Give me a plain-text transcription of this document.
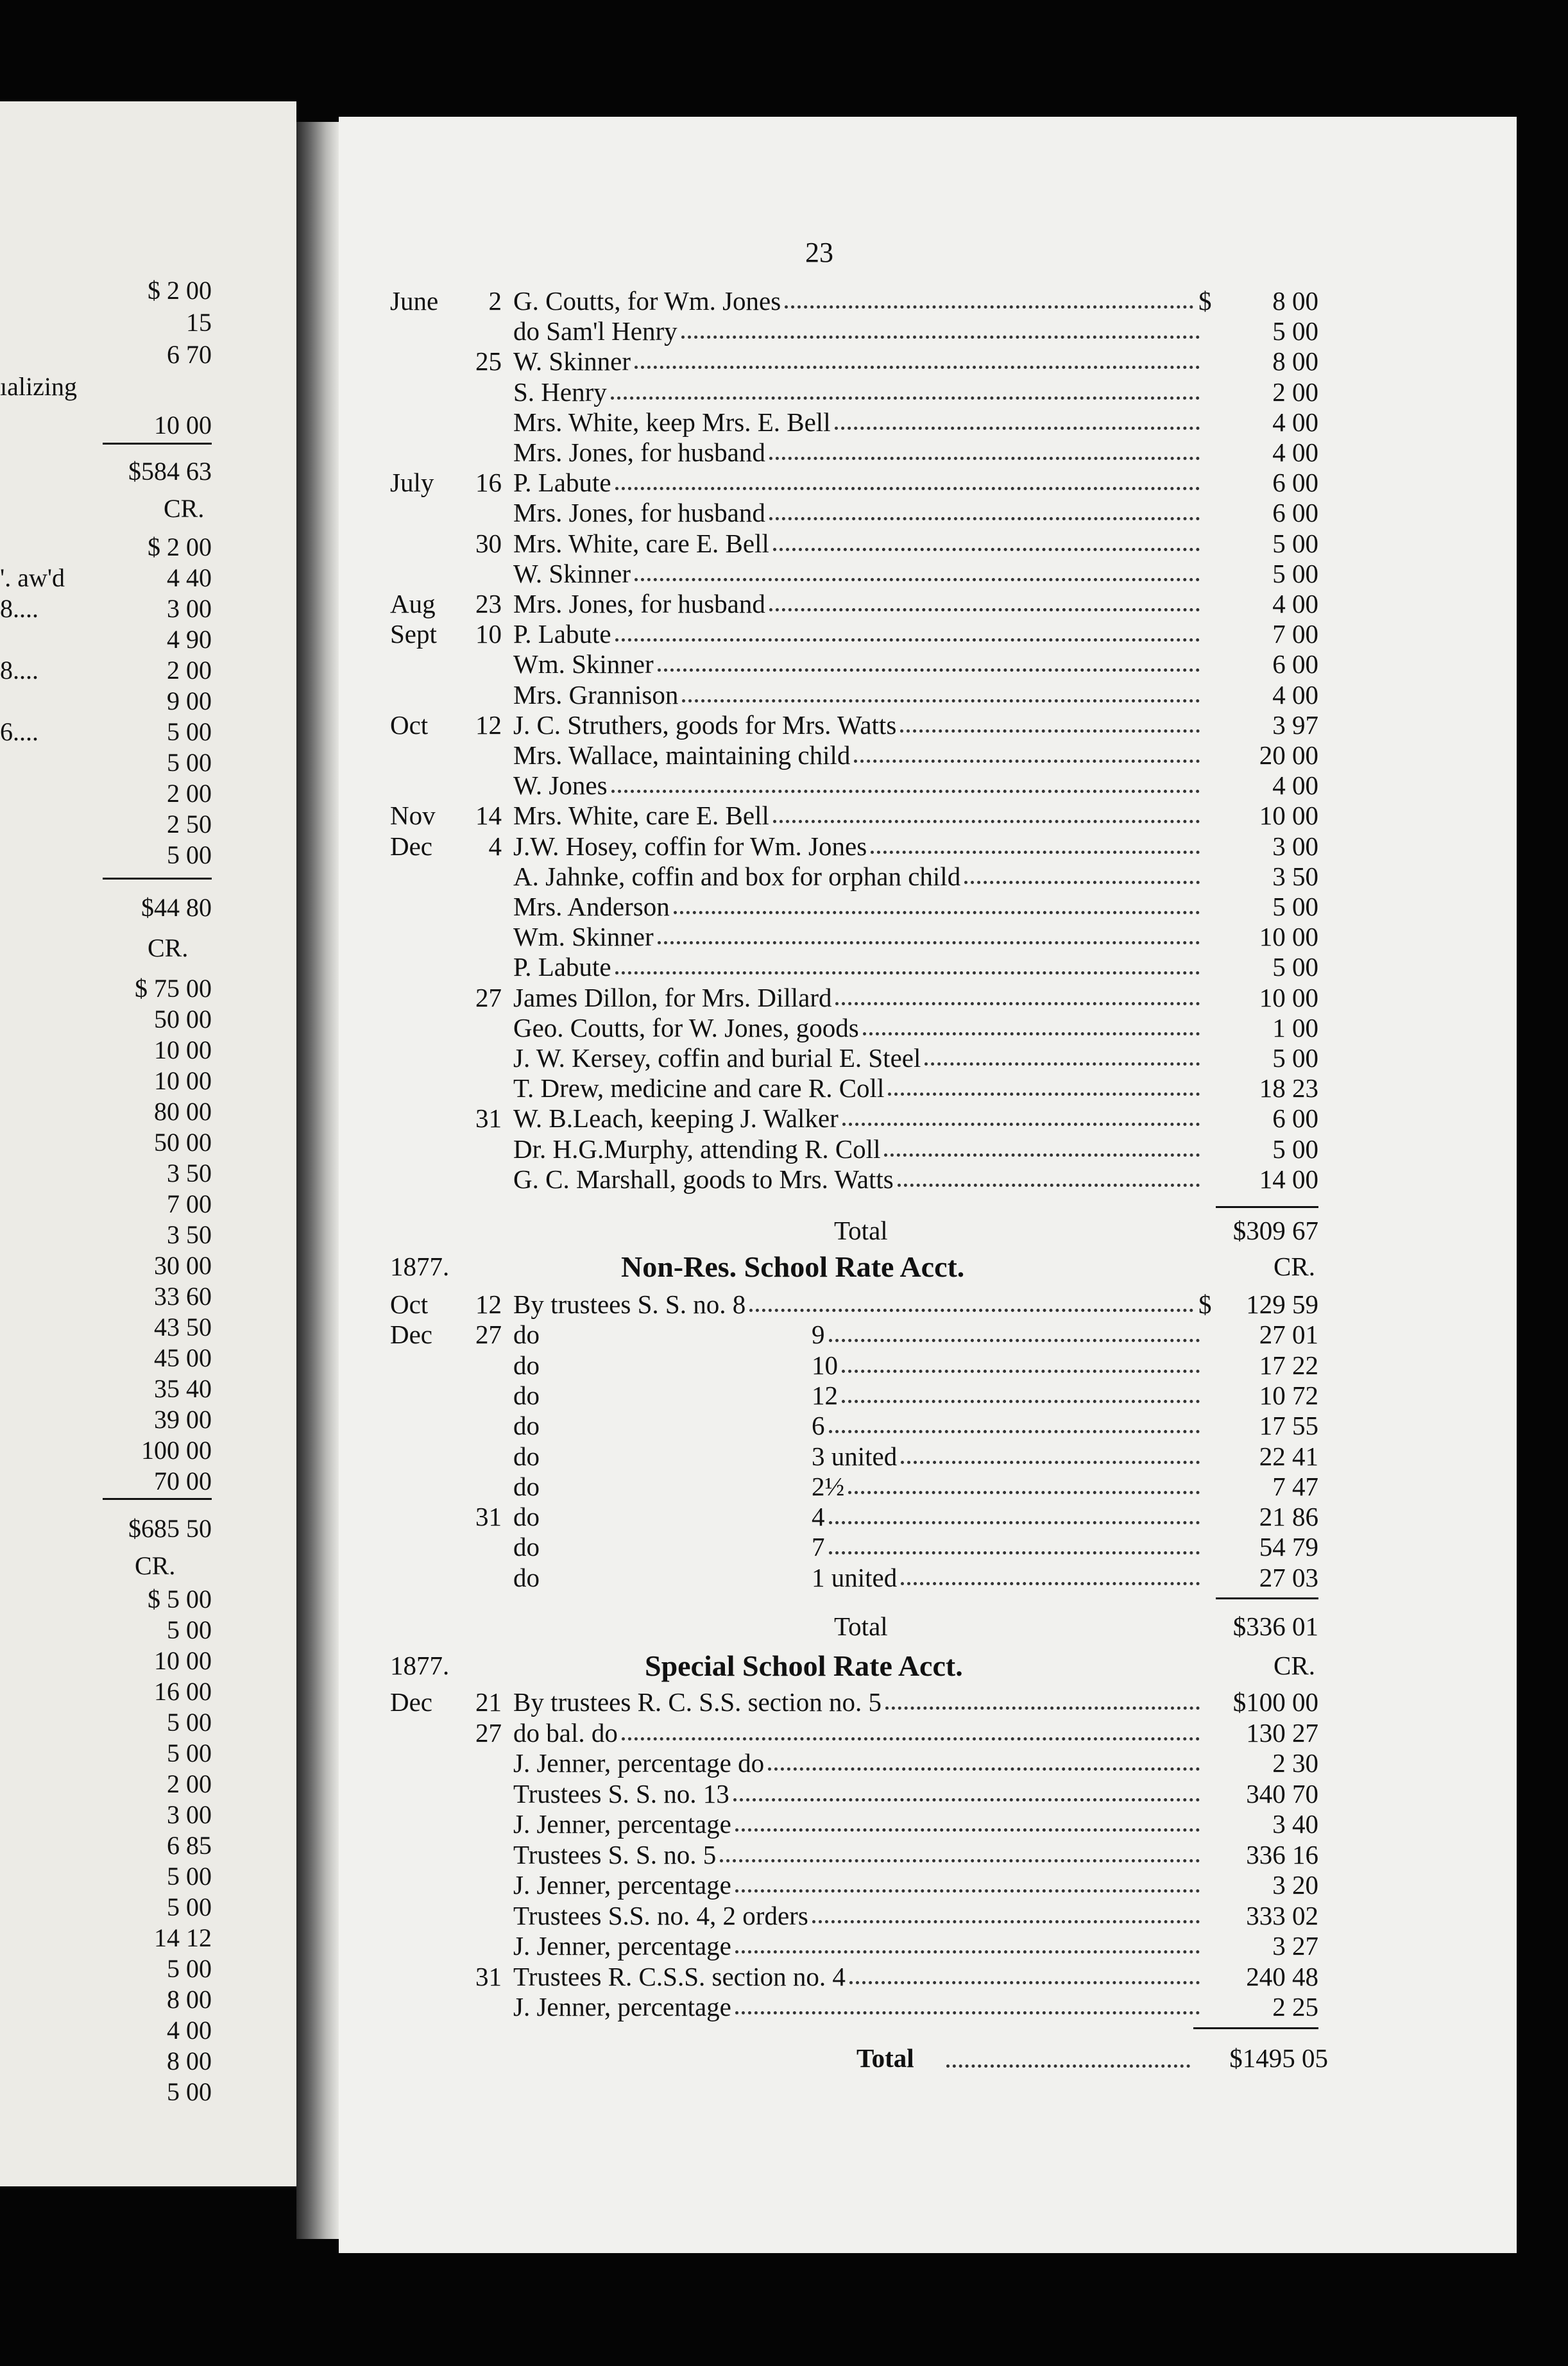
$ 2 00
15
6 70
ıalizing
10 00
$584 63
$ 2 00
'. aw'd	4 40
8....	3 00
4 90
8....	2 00
9 00
6....	5 00
5 00
2 00
2 50
5 00
$44 80
$ 75 00
50 00
10 00
10 00
80 00
50 00
3 50
7 00
3 50
30 00
33 60
43 50
45 00
35 40
39 00
100 00
70 00
$685 50
$ 5 00
5 00
10 00
16 00
5 00
5 00
2 00
3 00
6 85
5 00
5 00
14 12
5 00
8 00
4 00
8 00
5 00
CR.
CR.
CR.
23
June	2 G. Coutts, for Wm. Jones	$	8 00
do Sam'l Henry	5 00
25 W. Skinner	8 00
S. Henry	2 00
Mrs. White, keep Mrs. E. Bell	4 00
Mrs. Jones, for husband	4 00
July 16 P. Labute	6 00
Mrs. Jones, for husband	6 00
30 Mrs. White, care E. Bell	5 00
W. Skinner	5 00
Aug 23 Mrs. Jones, for husband	4 00
Sept 10 P. Labute	7 00
Wm. Skinner	6 00
Mrs. Grannison	4 00
Oct 12 J. C. Struthers, goods for Mrs. Watts	3 97
Mrs. Wallace, maintaining child	20 00
W. Jones	4 00
Nov 14 Mrs. White, care E. Bell	10 00
Dec	4 J.W. Hosey, coffin for Wm. Jones	3 00
A. Jahnke, coffin and box for orphan child	3 50
Mrs. Anderson	5 00
Wm. Skinner	10 00
P. Labute	5 00
27 James Dillon, for Mrs. Dillard	10 00
Geo. Coutts, for W. Jones, goods	1 00
J. W. Kersey, coffin and burial E. Steel	5 00
T. Drew, medicine and care R. Coll	18 23
31 W. B.Leach, keeping J. Walker	6 00
Dr. H.G.Murphy, attending R. Coll	5 00
G. C. Marshall, goods to Mrs. Watts	14 00
Total	$309 67
1877.	Non-Res. School Rate Acct.	CR.
Oct 12 By trustees S. S. no. 8	$	129 59
Dec 27 do	9	27 01
do	10	17 22
do	12	10 72
do	6	17 55
do	3 united	22 41
do	2½	7 47
31 do	4	21 86
do	7	54 79
do	1 united	27 03
Total	$336 01
1877.	Special School Rate Acct.	CR.
Dec 21 By trustees R. C. S.S. section no. 5	$100 00
27 do bal. do	130 27
J. Jenner, percentage do	2 30
Trustees S. S. no. 13	340 70
J. Jenner, percentage	3 40
Trustees S. S. no. 5	336 16
J. Jenner, percentage	3 20
Trustees S.S. no. 4, 2 orders	333 02
J. Jenner, percentage	3 27
31 Trustees R. C.S.S. section no. 4	240 48
J. Jenner, percentage	2 25
Total	$1495 05
